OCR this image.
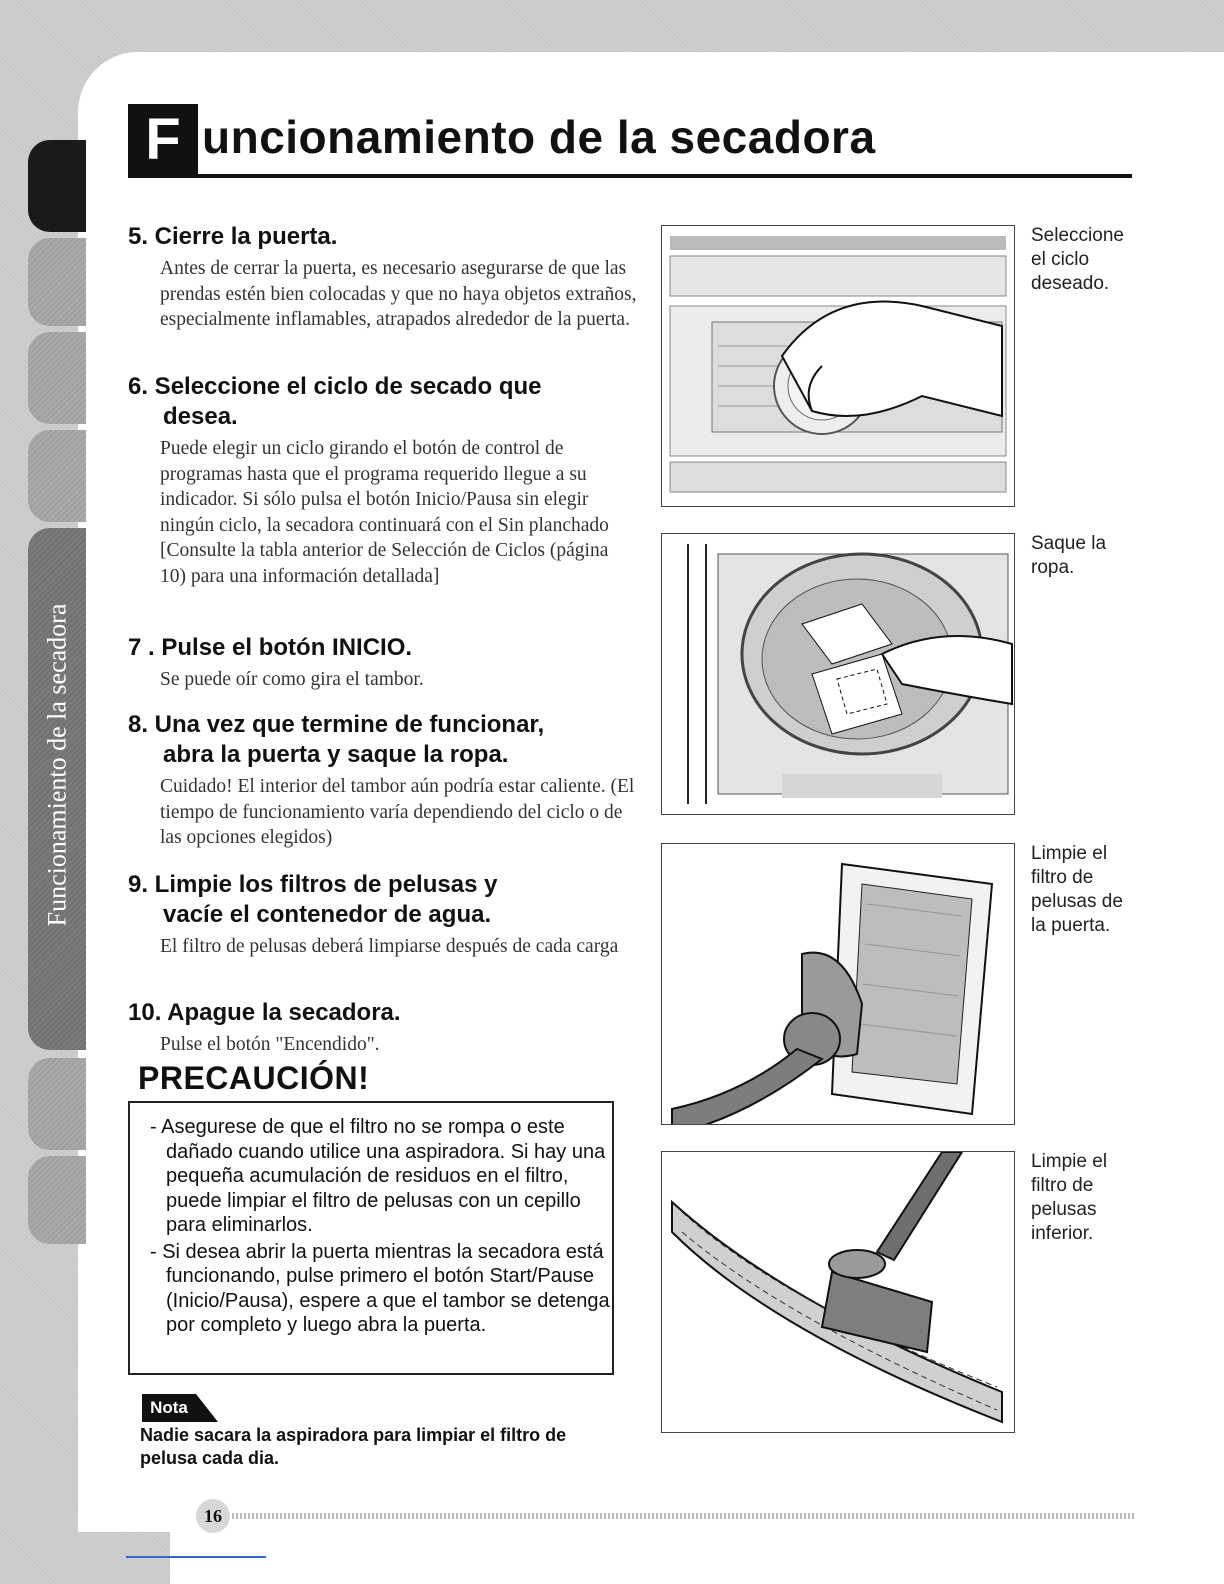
Funcionamiento de la secadora
F uncionamiento de la secadora
5. Cierre la puerta.

Antes de cerrar la puerta, es necesario asegurarse de que las prendas estén bien colocadas y que no haya objetos extraños, especialmente inflamables, atrapados alrededor de la puerta.

6. Seleccione el ciclo de secado que
desea.

Puede elegir un ciclo girando el botón de control de programas hasta que el programa requerido llegue a su indicador. Si sólo pulsa el botón Inicio/Pausa sin elegir ningún ciclo, la secadora continuará con el Sin planchado [Consulte la tabla anterior de Selección de Ciclos (página 10) para una información detallada]

7 . Pulse el botón INICIO.

Se puede oír como gira el tambor.

8. Una vez que termine de funcionar,
abra la puerta y saque la ropa.

Cuidado! El interior del tambor aún podría estar caliente. (El tiempo de funcionamiento varía dependiendo del ciclo o de las opciones elegidos)

9. Limpie los filtros de pelusas y
vacíe el contenedor de agua.

El filtro de pelusas deberá limpiarse después de cada carga

10. Apague la secadora.

Pulse el botón "Encendido".

PRECAUCIÓN!
- Asegurese de que el filtro no se rompa o este dañado cuando utilice una aspiradora. Si hay una pequeña acumulación de residuos en el filtro, puede limpiar el filtro de pelusas con un cepillo para eliminarlos.
- Si desea abrir la puerta mientras la secadora está funcionando, pulse primero el botón Start/Pause (Inicio/Pausa), espere a que el tambor se detenga por completo y luego abra la puerta.
Nota
Nadie sacara la aspiradora para limpiar el filtro de pelusa cada dia.
Seleccione el ciclo deseado.
Saque la ropa.
Limpie el filtro de pelusas de la puerta.
Limpie el filtro de pelusas inferior.
16
